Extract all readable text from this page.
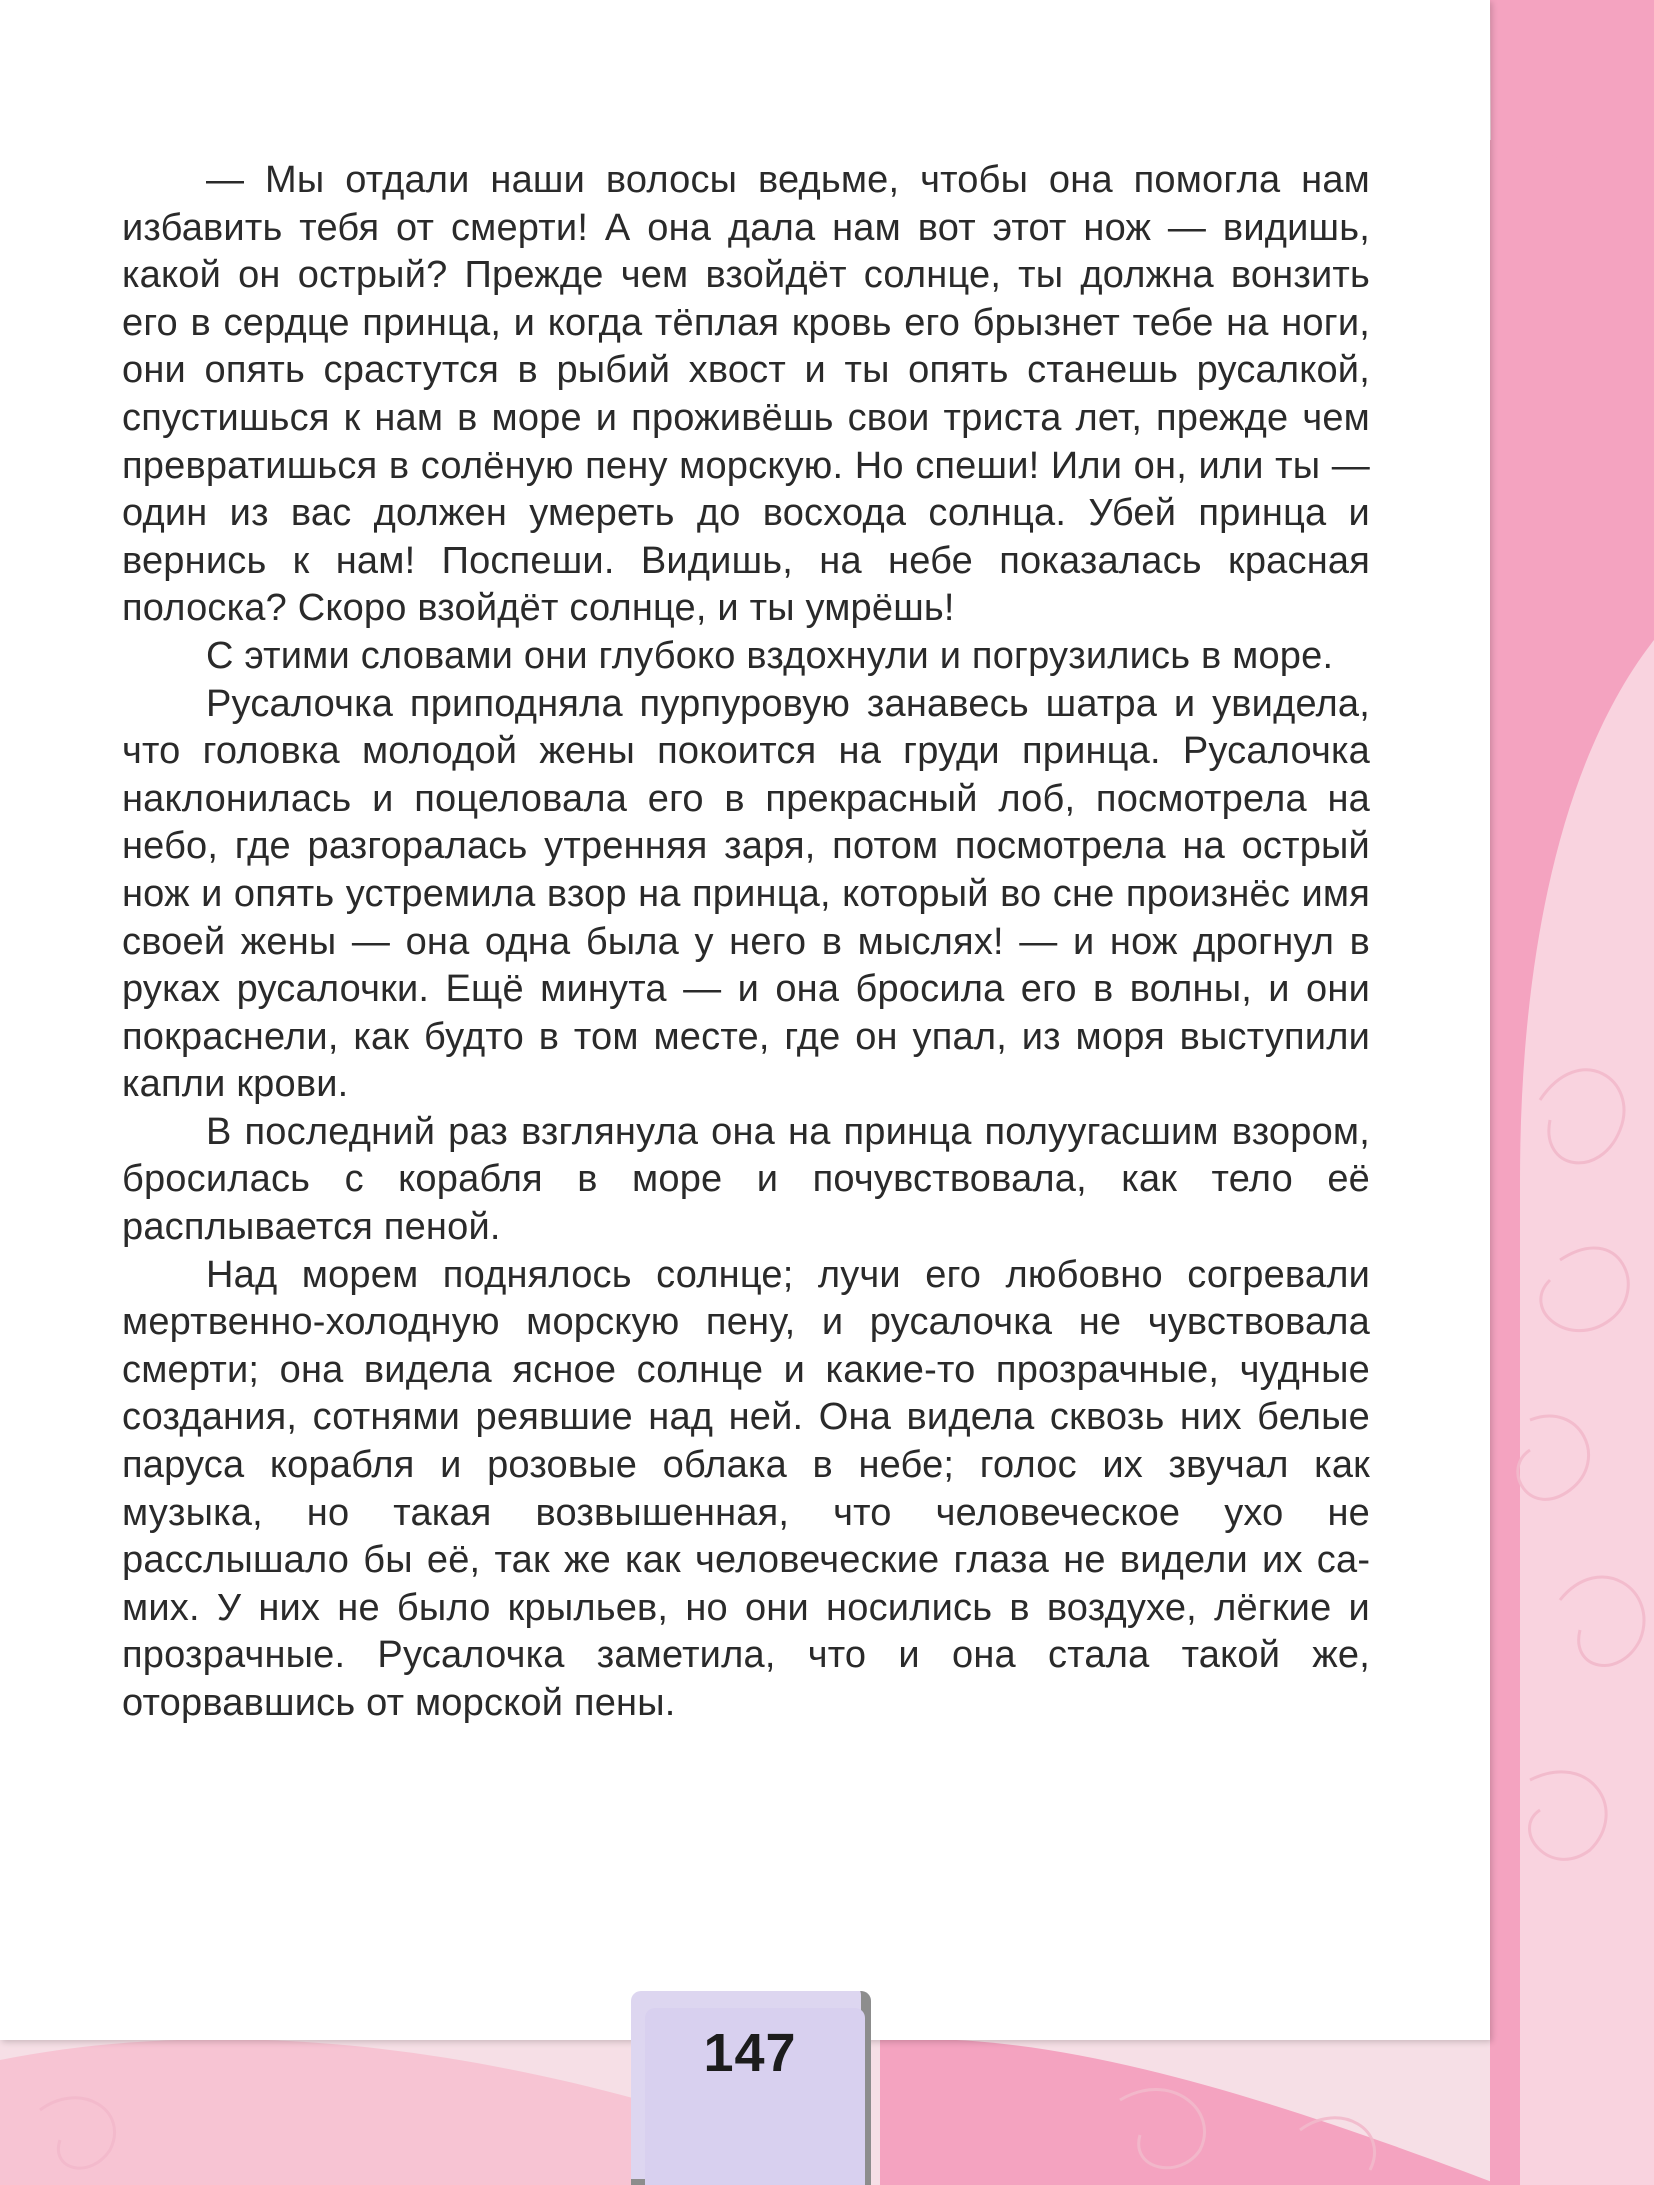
— Мы отдали наши волосы ведьме, чтобы она помогла нам избавить тебя от смерти! А она дала нам вот этот нож — видишь, какой он острый? Прежде чем взойдёт солнце, ты должна вонзить его в сердце принца, и когда тёплая кровь его брызнет тебе на ноги, они опять срастутся в рыбий хвост и ты опять станешь русалкой, спустишься к нам в море и проживёшь свои триста лет, прежде чем превратишься в солёную пену морскую. Но спеши! Или он, или ты — один из вас должен умереть до восхода солнца. Убей принца и вернись к нам! Поспеши. Видишь, на небе показалась красная полоска? Скоро взойдёт солнце, и ты умрёшь!

С этими словами они глубоко вздохнули и погрузились в море.

Русалочка приподняла пурпуровую занавесь шатра и увидела, что головка молодой жены покоится на груди принца. Русалочка наклонилась и поцеловала его в прекрасный лоб, посмотрела на небо, где разгоралась утренняя заря, потом посмотрела на острый нож и опять устремила взор на принца, который во сне произнёс имя своей жены — она одна была у него в мыслях! — и нож дрогнул в руках русалочки. Ещё минута — и она бросила его в волны, и они покраснели, как будто в том месте, где он упал, из моря выступили капли крови.

В последний раз взглянула она на принца полуугасшим взором, бросилась с корабля в море и почувствовала, как тело её расплывается пеной.

Над морем поднялось солнце; лучи его любовно согревали мертвенно-холодную морскую пену, и русалочка не чувствовала смерти; она видела ясное солнце и какие-то прозрачные, чудные создания, сотнями реявшие над ней. Она видела сквозь них белые паруса корабля и розовые облака в небе; голос их звучал как музыка, но такая возвышенная, что человеческое ухо не расслышало бы её, так же как человеческие глаза не видели их самих. У них не было крыльев, но они носились в воздухе, лёгкие и прозрачные. Русалочка заметила, что и она стала такой же, оторвавшись от морской пены.

147
